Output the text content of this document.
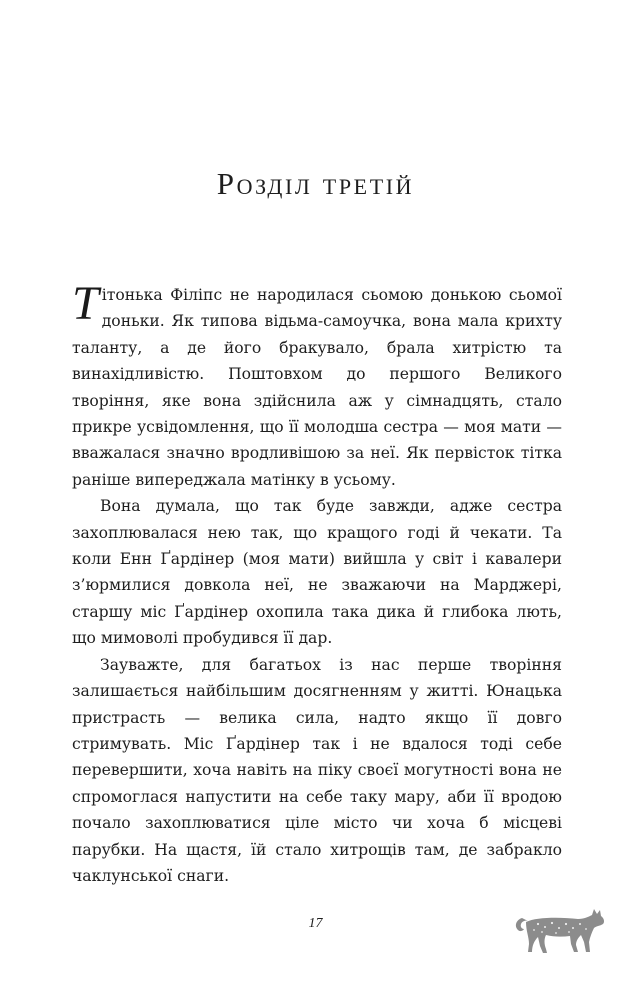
Розділ третій

Тітонька Філіпс не народилася сьомою донькою сьомої доньки. Як типова відьма-самоучка, вона мала крихту таланту, а де його бракувало, брала хитрістю та винахідливістю. Поштовхом до першого Великого творіння, яке вона здійснила аж у сімнадцять, стало прикре усвідомлення, що її молодша сестра — моя мати — вважалася значно вродливішою за неї. Як первісток тітка раніше випереджала матінку в усьому.

Вона думала, що так буде завжди, адже сестра захоплювалася нею так, що кращого годі й чекати. Та коли Енн Ґардінер (моя мати) вийшла у світ і кавалери з’юрмилися довкола неї, не зважаючи на Марджері, старшу міс Ґардінер охопила така дика й глибока лють, що мимоволі пробудився її дар.

Зауважте, для багатьох із нас перше творіння залишається найбільшим досягненням у житті. Юнацька пристрасть — велика сила, надто якщо її довго стримувать. Міс Ґардінер так і не вдалося тоді себе перевершити, хоча навіть на піку своєї могутності вона не спромоглася напустити на себе таку мару, аби її вродою почало захоплюватися ціле місто чи хоча б місцеві парубки. На щастя, їй стало хитрощів там, де забракло чаклунської снаги.

17
